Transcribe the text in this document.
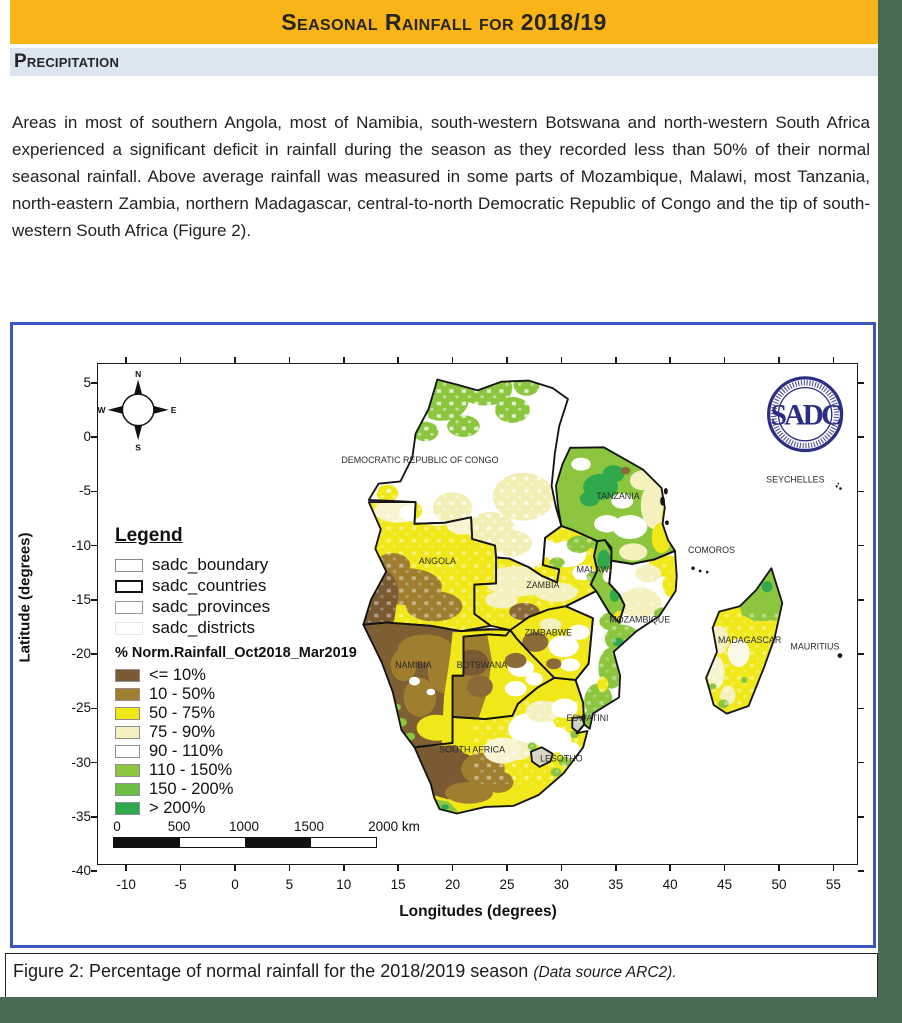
Seasonal Rainfall for 2018/19
Precipitation

Areas in most of southern Angola, most of Namibia, south-western Botswana and north-western South Africa experienced a significant deficit in rainfall during the season as they recorded less than 50% of their normal seasonal rainfall. Above average rainfall was measured in some parts of Mozambique, Malawi, most Tanzania, north-eastern Zambia, northern Madagascar, central-to-north Democratic Republic of Congo and the tip of south-western South Africa (Figure 2).

SADC
Latitude (degrees)
Longitudes (degrees)
Legend
sadc_boundary
sadc_countries
sadc_provinces
sadc_districts
% Norm.Rainfall_Oct2018_Mar2019
<= 10%
10 - 50%
50 - 75%
75 - 90%
90 - 110%
110 - 150%
150 - 200%
> 200%
0	500	1000	1500	2000 km
5
0
-5
-10
-15
-20
-25
-30
-35
-40
-10	-5	0	5	10	15	20	25	30	35	40	45	50	55
Figure 2: Percentage of normal rainfall for the 2018/2019 season (Data source ARC2).
